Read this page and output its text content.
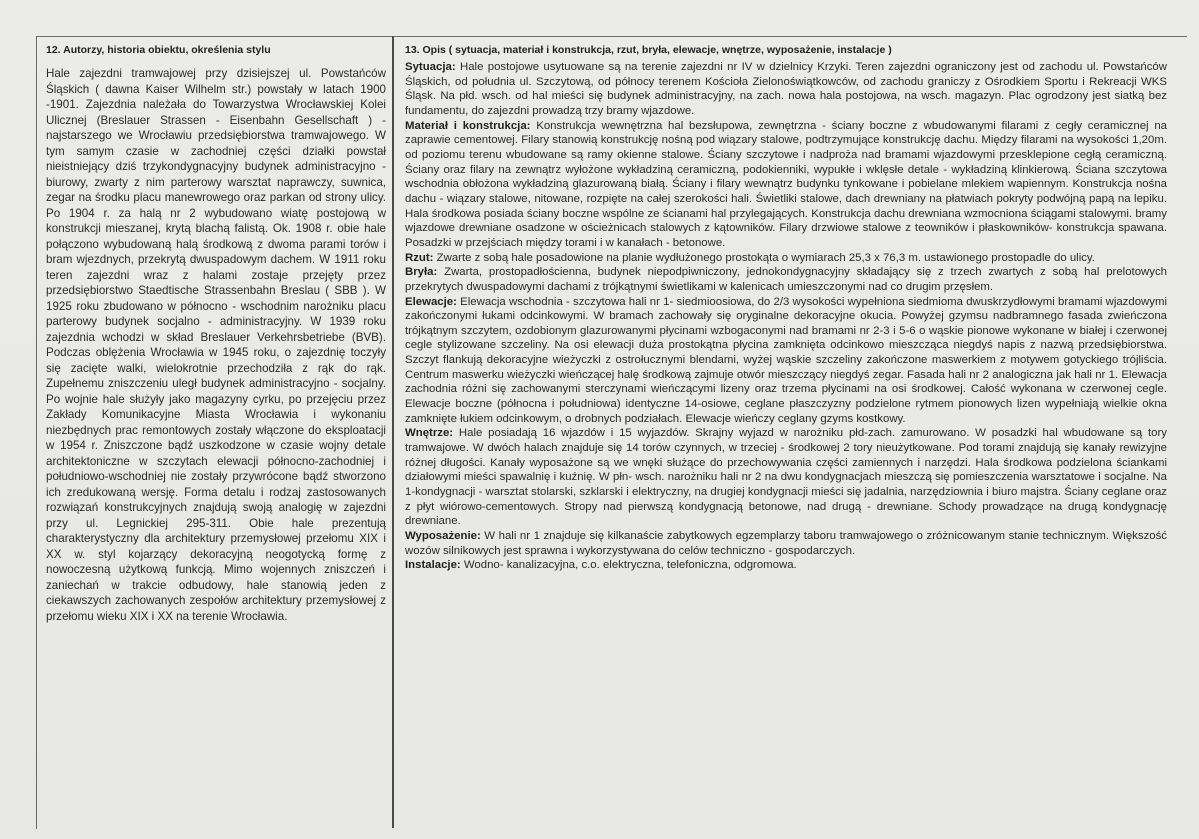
12. Autorzy, historia obiektu, określenia stylu

Hale zajezdni tramwajowej przy dzisiejszej ul. Powstańców Śląskich ( dawna Kaiser Wilhelm str.) powstały w latach 1900 -1901. Zajezdnia należała do Towarzystwa Wrocławskiej Kolei Ulicznej (Breslauer Strassen - Eisenbahn Gesellschaft ) - najstarszego we Wrocławiu przedsiębiorstwa tramwajowego. W tym samym czasie w zachodniej części działki powstał nieistniejący dziś trzykondygnacyjny budynek administracyjno - biurowy, zwarty z nim parterowy warsztat naprawczy, suwnica, zegar na środku placu manewrowego oraz parkan od strony ulicy. Po 1904 r. za halą nr 2 wybudowano wiatę postojową w konstrukcji mieszanej, krytą blachą falistą. Ok. 1908 r. obie hale połączono wybudowaną halą środkową z dwoma parami torów i bram wjezdnych, przekrytą dwuspadowym dachem. W 1911 roku teren zajezdni wraz z halami zostaje przejęty przez przedsiębiorstwo Staedtische Strassenbahn Breslau ( SBB ). W 1925 roku zbudowano w północno - wschodnim narożniku placu parterowy budynek socjalno - administracyjny. W 1939 roku zajezdnia wchodzi w skład Breslauer Verkehrsbetriebe (BVB). Podczas oblężenia Wrocławia w 1945 roku, o zajezdnię toczyły się zacięte walki, wielokrotnie przechodziła z rąk do rąk. Zupełnemu zniszczeniu uległ budynek administracyjno - socjalny. Po wojnie hale służyły jako magazyny cyrku, po przejęciu przez Zakłady Komunikacyjne Miasta Wrocławia i wykonaniu niezbędnych prac remontowych zostały włączone do eksploatacji w 1954 r. Zniszczone bądź uszkodzone w czasie wojny detale architektoniczne w szczytach elewacji północno-zachodniej i południowo-wschodniej nie zostały przywrócone bądź stworzono ich zredukowaną wersję. Forma detalu i rodzaj zastosowanych rozwiązań konstrukcyjnych znajdują swoją analogię w zajezdni przy ul. Legnickiej 295-311. Obie hale prezentują charakterystyczny dla architektury przemysłowej przełomu XIX i XX w. styl kojarzący dekoracyjną neogotycką formę z nowoczesną użytkową funkcją. Mimo wojennych zniszczeń i zaniechań w trakcie odbudowy, hale stanowią jeden z ciekawszych zachowanych zespołów architektury przemysłowej z przełomu wieku XIX i XX na terenie Wrocławia.

13. Opis ( sytuacja, materiał i konstrukcja, rzut, bryła, elewacje, wnętrze, wyposażenie, instalacje )
Sytuacja: Hale postojowe usytuowane są na terenie zajezdni nr IV w dzielnicy Krzyki. Teren zajezdni ograniczony jest od zachodu ul. Powstańców Śląskich, od południa ul. Szczytową, od północy terenem Kościoła Zielonoświątkowców, od zachodu graniczy z Ośrodkiem Sportu i Rekreacji WKS Śląsk. Na płd. wsch. od hal mieści się budynek administracyjny, na zach. nowa hala postojowa, na wsch. magazyn. Plac ogrodzony jest siatką bez fundamentu, do zajezdni prowadzą trzy bramy wjazdowe.
Materiał i konstrukcja: Konstrukcja wewnętrzna hal bezsłupowa, zewnętrzna - ściany boczne z wbudowanymi filarami z cegły ceramicznej na zaprawie cementowej. Filary stanowią konstrukcję nośną pod wiązary stalowe, podtrzymujące konstrukcję dachu. Między filarami na wysokości 1,20m. od poziomu terenu wbudowane są ramy okienne stalowe. Ściany szczytowe i nadproża nad bramami wjazdowymi przesklepione cegłą ceramiczną. Ściany oraz filary na zewnątrz wyłożone wykładziną ceramiczną, podokienniki, wypukłe i wklęsłe detale - wykładziną klinkierową. Ściana szczytowa wschodnia obłożona wykładziną glazurowaną białą. Ściany i filary wewnątrz budynku tynkowane i pobielane mlekiem wapiennym. Konstrukcja nośna dachu - wiązary stalowe, nitowane, rozpięte na całej szerokości hali. Świetliki stalowe, dach drewniany na płatwiach pokryty podwójną papą na lepiku. Hala środkowa posiada ściany boczne wspólne ze ścianami hal przylegających. Konstrukcja dachu drewniana wzmocniona ściągami stalowymi. bramy wjazdowe drewniane osadzone w ościeżnicach stalowych z kątowników. Filary drzwiowe stalowe z teowników i płaskowników- konstrukcja spawana. Posadzki w przejściach między torami i w kanałach - betonowe.
Rzut: Zwarte z sobą hale posadowione na planie wydłużonego prostokąta o wymiarach 25,3 x 76,3 m. ustawionego prostopadle do ulicy.
Bryła: Zwarta, prostopadłościenna, budynek niepodpiwniczony, jednokondygnacyjny składający się z trzech zwartych z sobą hal prelotowych przekrytych dwuspadowymi dachami z trójkątnymi świetlikami w kalenicach umieszczonymi nad co drugim przęsłem.
Elewacje: Elewacja wschodnia - szczytowa hali nr 1- siedmioosiowa, do 2/3 wysokości wypełniona siedmioma dwuskrzydłowymi bramami wjazdowymi zakończonymi łukami odcinkowymi. W bramach zachowały się oryginalne dekoracyjne okucia. Powyżej gzymsu nadbramnego fasada zwieńczona trójkątnym szczytem, ozdobionym glazurowanymi płycinami wzbogaconymi nad bramami nr 2-3 i 5-6 o wąskie pionowe wykonane w białej i czerwonej cegle stylizowane szczeliny. Na osi elewacji duża prostokątna płycina zamknięta odcinkowo mieszcząca niegdyś napis z nazwą przedsiębiorstwa. Szczyt flankują dekoracyjne wieżyczki z ostrołucznymi blendami, wyżej wąskie szczeliny zakończone maswerkiem z motywem gotyckiego trójliścia. Centrum maswerku wieżyczki wieńczącej halę środkową zajmuje otwór mieszczący niegdyś zegar. Fasada hali nr 2 analogiczna jak hali nr 1. Elewacja zachodnia różni się zachowanymi sterczynami wieńczącymi lizeny oraz trzema płycinami na osi środkowej. Całość wykonana w czerwonej cegle. Elewacje boczne (północna i południowa) identyczne 14-osiowe, ceglane płaszczyzny podzielone rytmem pionowych lizen wypełniają wielkie okna zamknięte łukiem odcinkowym, o drobnych podziałach. Elewacje wieńczy ceglany gzyms kostkowy.
Wnętrze: Hale posiadają 16 wjazdów i 15 wyjazdów. Skrajny wyjazd w narożniku płd-zach. zamurowano. W posadzki hal wbudowane są tory tramwajowe. W dwóch halach znajduje się 14 torów czynnych, w trzeciej - środkowej 2 tory nieużytkowane. Pod torami znajdują się kanały rewizyjne różnej długości. Kanały wyposażone są we wnęki służące do przechowywania części zamiennych i narzędzi. Hala środkowa podzielona ściankami działowymi mieści spawalnię i kuźnię. W płn- wsch. narożniku hali nr 2 na dwu kondygnacjach mieszczą się pomieszczenia warsztatowe i socjalne. Na 1-kondygnacji - warsztat stolarski, szklarski i elektryczny, na drugiej kondygnacji mieści się jadalnia, narzędziownia i biuro majstra. Ściany ceglane oraz z płyt wiórowo-cementowych. Stropy nad pierwszą kondygnacją betonowe, nad drugą - drewniane. Schody prowadzące na drugą kondygnację drewniane.
Wyposażenie: W hali nr 1 znajduje się kilkanaście zabytkowych egzemplarzy taboru tramwajowego o zróżnicowanym stanie technicznym. Większość wozów silnikowych jest sprawna i wykorzystywana do celów techniczno - gospodarczych.
Instalacje: Wodno- kanalizacyjna, c.o. elektryczna, telefoniczna, odgromowa.
